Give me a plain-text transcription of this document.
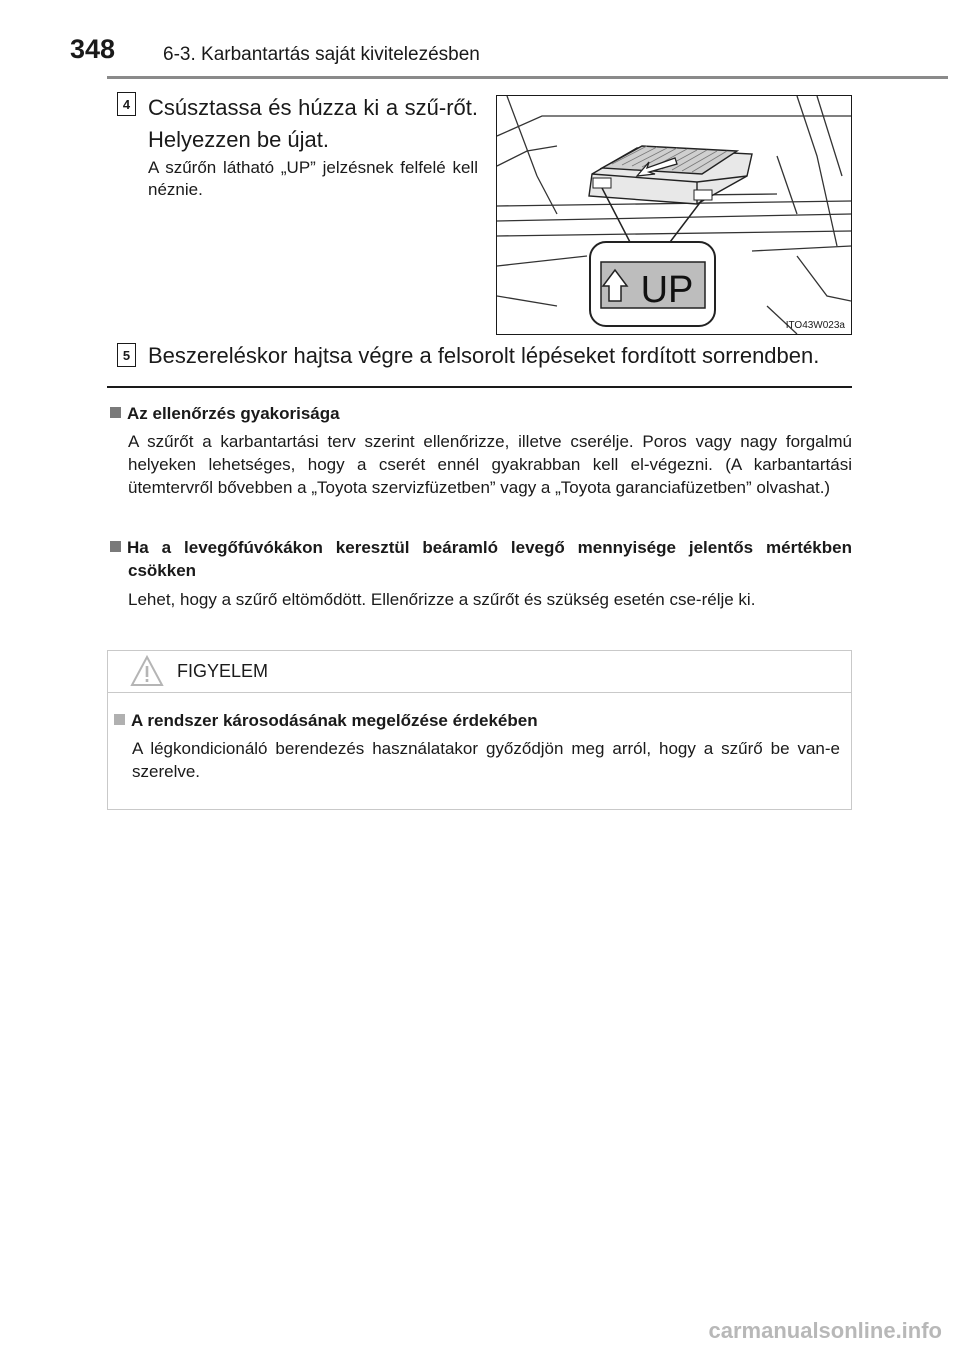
348	6-3. Karbantartás saját kivitelezésben
4 Csúsztassa és húzza ki a szű-rőt. Helyezzen be újat.
A szűrőn látható „UP” jelzésnek felfelé kell néznie.
UP
ITO43W023a
5 Beszereléskor hajtsa végre a felsorolt lépéseket fordított sorrendben.
Az ellenőrzés gyakorisága
A szűrőt a karbantartási terv szerint ellenőrizze, illetve cserélje. Poros vagy nagy forgalmú helyeken lehetséges, hogy a cserét ennél gyakrabban kell el-végezni. (A karbantartási ütemtervről bővebben a „Toyota szervizfüzetben” vagy a „Toyota garanciafüzetben” olvashat.)
Ha a levegőfúvókákon keresztül beáramló levegő mennyisége jelentős mértékben csökken
Lehet, hogy a szűrő eltömődött. Ellenőrizze a szűrőt és szükség esetén cse-rélje ki.
FIGYELEM
A rendszer károsodásának megelőzése érdekében
A légkondicionáló berendezés használatakor győződjön meg arról, hogy a szűrő be van-e szerelve.
carmanualsonline.info
